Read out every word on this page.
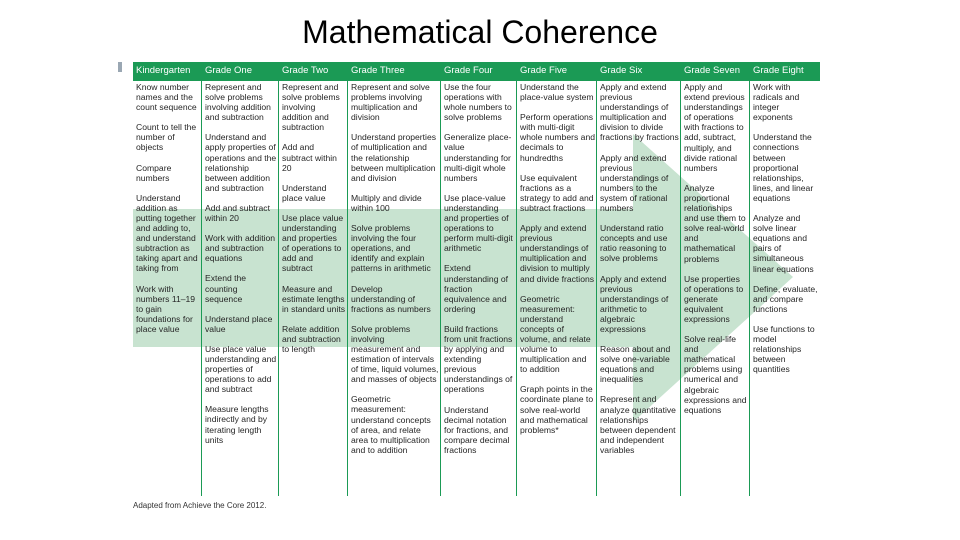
Mathematical Coherence
Kindergarten
Know number names and the count sequence
Count to tell the number of objects
Compare numbers
Understand addition as putting together and adding to, and understand subtraction as taking apart and taking from
Work with numbers 11–19 to gain foundations for place value
Grade One
Represent and solve problems involving addition and subtraction
Understand and apply properties of operations and the relationship between addition and subtraction
Add and subtract within 20
Work with addition and subtraction equations
Extend the counting sequence
Understand place value
Use place value understanding and properties of operations to add and subtract
Measure lengths indirectly and by iterating length units
Grade Two
Represent and solve problems involving addition and subtraction
Add and subtract within 20
Understand place value
Use place value understanding and properties of operations to add and subtract
Measure and estimate lengths in standard units
Relate addition and subtraction to length
Grade Three
Represent and solve problems involving multiplication and division
Understand properties of multiplication and the relationship between multiplication and division
Multiply and divide within 100
Solve problems involving the four operations, and identify and explain patterns in arithmetic
Develop understanding of fractions as numbers
Solve problems involving measurement and estimation of intervals of time, liquid volumes, and masses of objects
Geometric measurement: understand concepts of area, and relate area to multiplication and to addition
Grade Four
Use the four operations with whole numbers to solve problems
Generalize place-value understanding for multi-digit whole numbers
Use place-value understanding and properties of operations to perform multi-digit arithmetic
Extend understanding of fraction equivalence and ordering
Build fractions from unit fractions by applying and extending previous understandings of operations
Understand decimal notation for fractions, and compare decimal fractions
Grade Five
Understand the place-value system
Perform operations with multi-digit whole numbers and decimals to hundredths
Use equivalent fractions as a strategy to add and subtract fractions
Apply and extend previous understandings of multiplication and division to multiply and divide fractions
Geometric measurement: understand concepts of volume, and relate volume to multiplication and to addition
Graph points in the coordinate plane to solve real-world and mathematical problems*
Grade Six
Apply and extend previous understandings of multiplication and division to divide fractions by fractions
Apply and extend previous understandings of numbers to the system of rational numbers
Understand ratio concepts and use ratio reasoning to solve problems
Apply and extend previous understandings of arithmetic to algebraic expressions
Reason about and solve one-variable equations and inequalities
Represent and analyze quantitative relationships between dependent and independent variables
Grade Seven
Apply and extend previous understandings of operations with fractions to add, subtract, multiply, and divide rational numbers
Analyze proportional relationships and use them to solve real-world and mathematical problems
Use properties of operations to generate equivalent expressions
Solve real-life and mathematical problems using numerical and algebraic expressions and equations
Grade Eight
Work with radicals and integer exponents
Understand the connections between proportional relationships, lines, and linear equations
Analyze and solve linear equations and pairs of simultaneous linear equations
Define, evaluate, and compare functions
Use functions to model relationships between quantities
Adapted from Achieve the Core 2012.
